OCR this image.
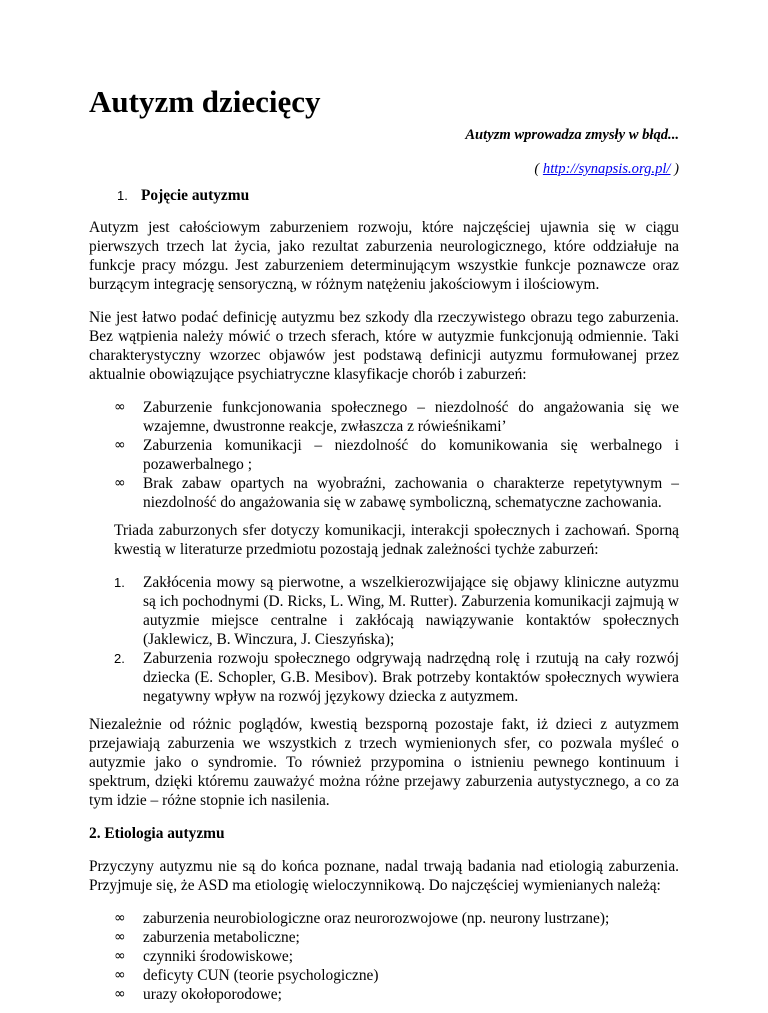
Autyzm dziecięcy
Autyzm wprowadza zmysły w błąd...
( http://synapsis.org.pl/ )
1. Pojęcie autyzmu

Autyzm jest całościowym zaburzeniem rozwoju, które najczęściej ujawnia się w ciągu pierwszych trzech lat życia, jako rezultat zaburzenia neurologicznego, które oddziałuje na funkcje pracy mózgu. Jest zaburzeniem determinującym wszystkie funkcje poznawcze oraz burzącym integrację sensoryczną, w różnym natężeniu jakościowym i ilościowym.

Nie jest łatwo podać definicję autyzmu bez szkody dla rzeczywistego obrazu tego zaburzenia. Bez wątpienia należy mówić o trzech sferach, które w autyzmie funkcjonują odmiennie. Taki charakterystyczny wzorzec objawów jest podstawą definicji autyzmu formułowanej przez aktualnie obowiązujące psychiatryczne klasyfikacje chorób i zaburzeń:

∞ Zaburzenie funkcjonowania społecznego – niezdolność do angażowania się we wzajemne, dwustronne reakcje, zwłaszcza z rówieśnikami’
∞ Zaburzenia komunikacji – niezdolność do komunikowania się werbalnego i pozawerbalnego ;
∞ Brak zabaw opartych na wyobraźni, zachowania o charakterze repetytywnym – niezdolność do angażowania się w zabawę symboliczną, schematyczne zachowania.

Triada zaburzonych sfer dotyczy komunikacji, interakcji społecznych i zachowań. Sporną kwestią w literaturze przedmiotu pozostają jednak zależności tychże zaburzeń:

1. Zakłócenia mowy są pierwotne, a wszelkierozwijające się objawy kliniczne autyzmu są ich pochodnymi (D. Ricks, L. Wing, M. Rutter). Zaburzenia komunikacji zajmują w autyzmie miejsce centralne i zakłócają nawiązywanie kontaktów społecznych (Jaklewicz, B. Winczura, J. Cieszyńska);
2. Zaburzenia rozwoju społecznego odgrywają nadrzędną rolę i rzutują na cały rozwój dziecka (E. Schopler, G.B. Mesibov). Brak potrzeby kontaktów społecznych wywiera negatywny wpływ na rozwój językowy dziecka z autyzmem.

Niezależnie od różnic poglądów, kwestią bezsporną pozostaje fakt, iż dzieci z autyzmem przejawiają zaburzenia we wszystkich z trzech wymienionych sfer, co pozwala myśleć o autyzmie jako o syndromie. To również przypomina o istnieniu pewnego kontinuum i spektrum, dzięki któremu zauważyć można różne przejawy zaburzenia autystycznego, a co za tym idzie – różne stopnie ich nasilenia.

2. Etiologia autyzmu

Przyczyny autyzmu nie są do końca poznane, nadal trwają badania nad etiologią zaburzenia. Przyjmuje się, że ASD ma etiologię wieloczynnikową. Do najczęściej wymienianych należą:

∞ zaburzenia neurobiologiczne oraz neurorozwojowe (np. neurony lustrzane);
∞ zaburzenia metaboliczne;
∞ czynniki środowiskowe;
∞ deficyty CUN (teorie psychologiczne)
∞ urazy okołoporodowe;
